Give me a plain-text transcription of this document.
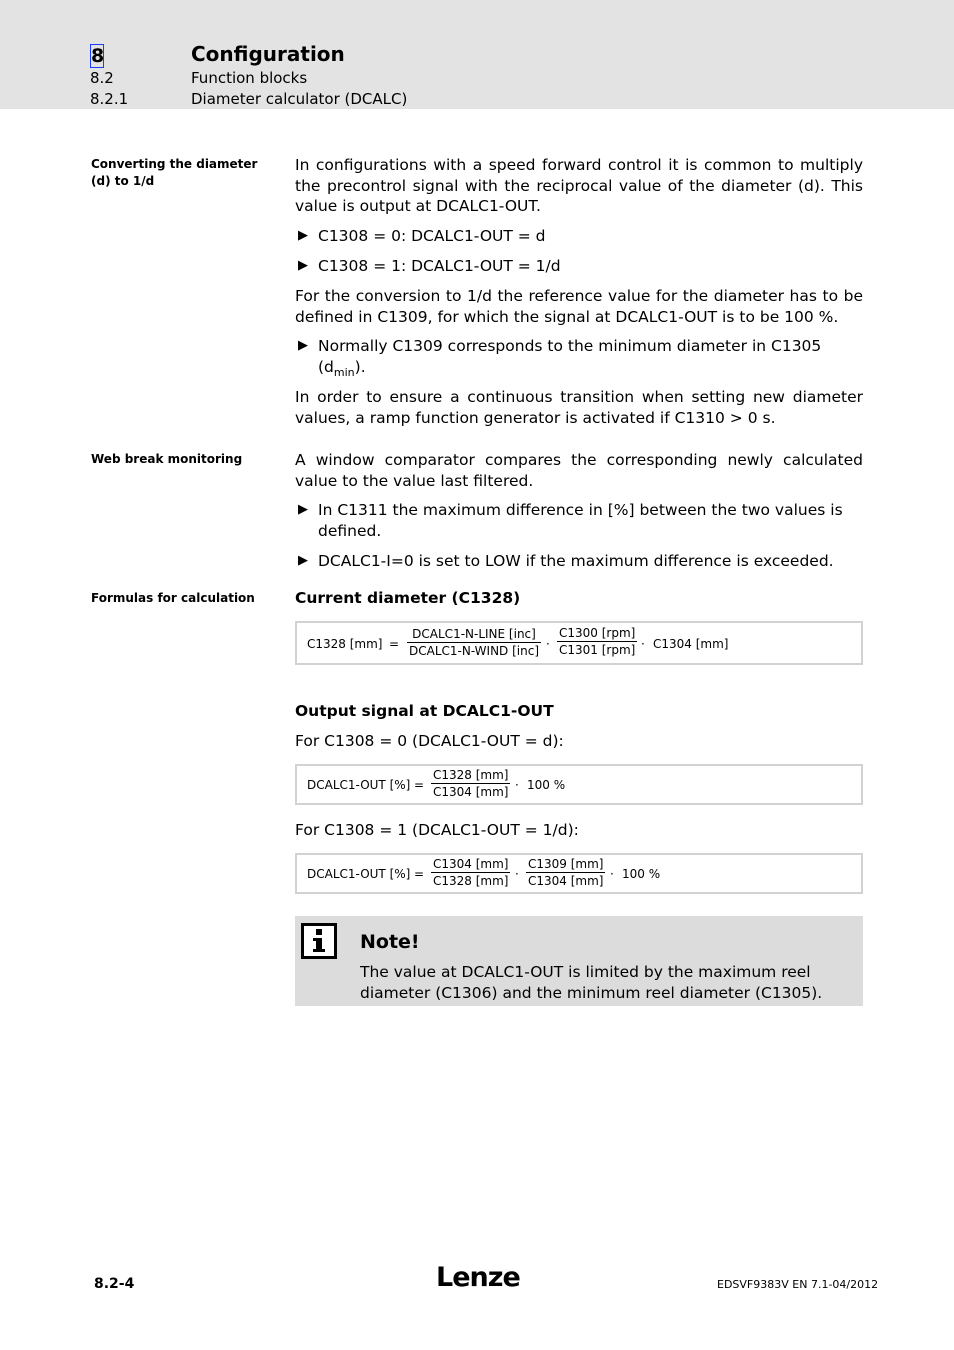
8	Configuration
8.2	Function blocks
8.2.1	Diameter calculator (DCALC)
Converting the diameter (d) to 1/d
In configurations with a speed forward control it is common to multiply the precontrol signal with the reciprocal value of the diameter (d). This value is output at DCALC1-OUT.
▶ C1308 = 0: DCALC1-OUT = d
▶ C1308 = 1: DCALC1-OUT = 1/d
For the conversion to 1/d the reference value for the diameter has to be defined in C1309, for which the signal at DCALC1-OUT is to be 100 %.
▶ Normally C1309 corresponds to the minimum diameter in C1305 $(d_{min})$.
In order to ensure a continuous transition when setting new diameter values, a ramp function generator is activated if C1310 > 0 s.
Web break monitoring	A window comparator compares the corresponding newly calculated value to the value last filtered.
▶ In C1311 the maximum difference in [%] between the two values is defined.
▶ DCALC1-I=0 is set to LOW if the maximum difference is exceeded.
Formulas for calculation	Current diameter (C1328)
C1328 [mm] =
DCALC1-N-LINE [inc]
DCALC1-N-WIND [inc] ·
C1300 [rpm]
C1301 [rpm] · C1304 [mm]
Output signal at DCALC1-OUT
For C1308 = 0 (DCALC1-OUT = d):
DCALC1-OUT [%] = $\frac{C1328 [mm]}{C1304 [mm]} \cdot 100$ %
For C1308 = 1 (DCALC1-OUT = 1/d):
DCALC1-OUT [%] = $\frac{C1304 [mm]}{C1328 [mm]} \cdot \frac{C1309 [mm]}{C1304 [mm]} \cdot 100$ %
Note!
The value at DCALC1-OUT is limited by the maximum reel diameter (C1306) and the minimum reel diameter (C1305).
8.2-4	Lenze	EDSVF9383V EN 7.1-04/2012
